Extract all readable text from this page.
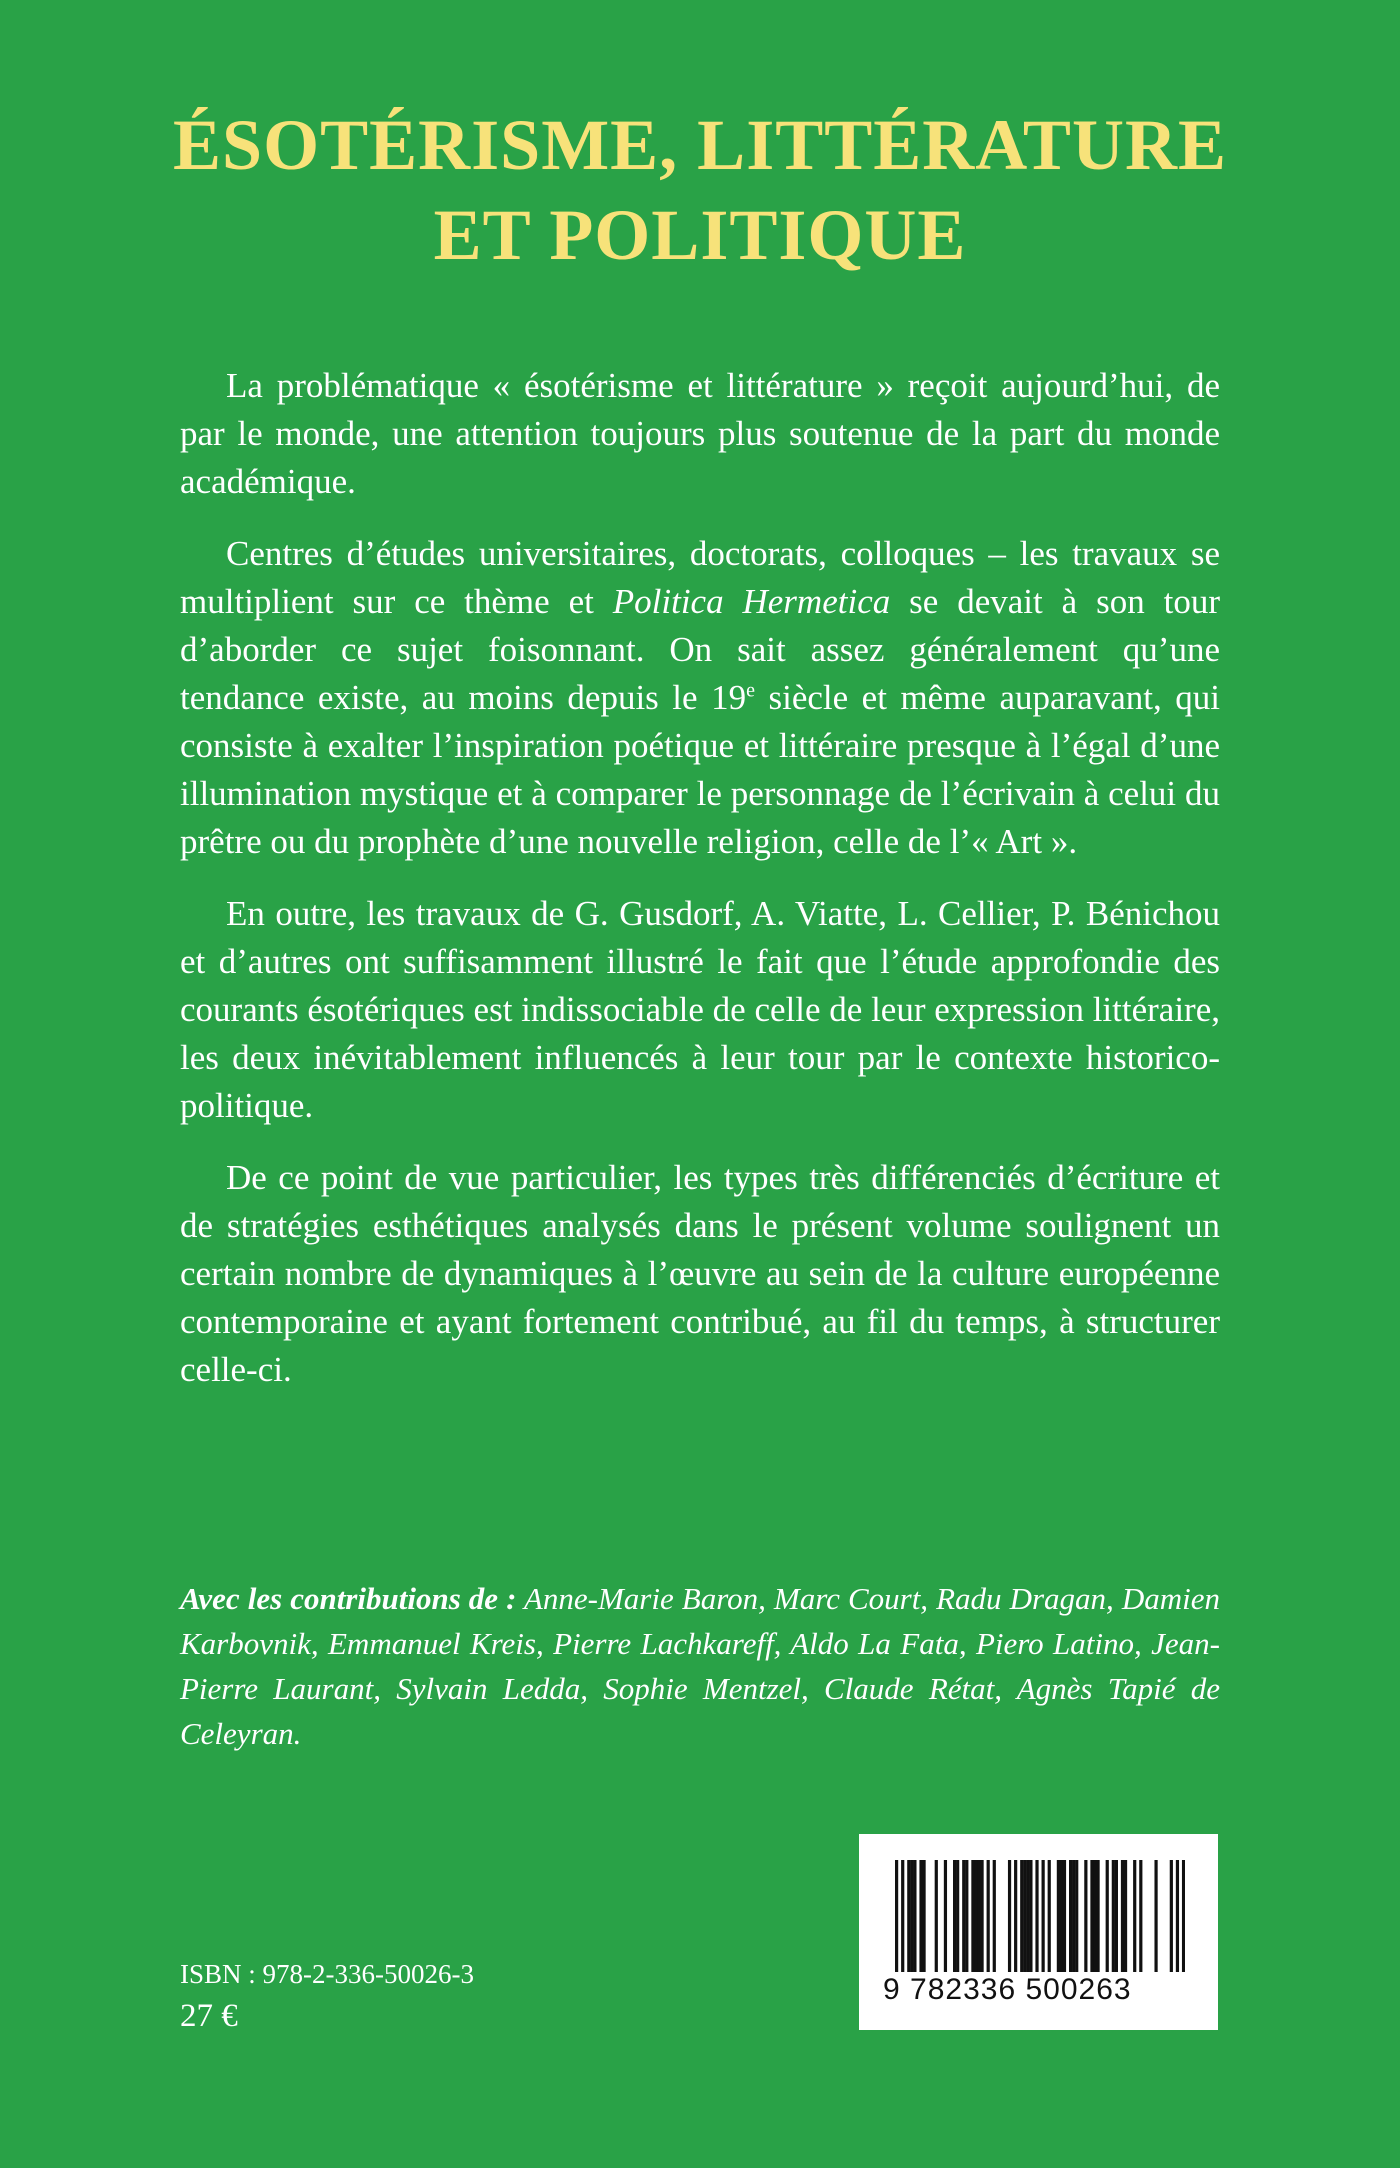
ÉSOTÉRISME, LITTÉRATURE
ET POLITIQUE

La problématique « ésotérisme et littérature » reçoit aujourd’hui, de par le monde, une attention toujours plus soutenue de la part du monde académique.

Centres d’études universitaires, doctorats, colloques – les travaux se multiplient sur ce thème et Politica Hermetica se devait à son tour d’aborder ce sujet foisonnant. On sait assez généralement qu’une tendance existe, au moins depuis le 19e siècle et même auparavant, qui consiste à exalter l’inspiration poétique et littéraire presque à l’égal d’une illumination mystique et à comparer le personnage de l’écrivain à celui du prêtre ou du prophète d’une nouvelle religion, celle de l’« Art ».

En outre, les travaux de G. Gusdorf, A. Viatte, L. Cellier, P. Bénichou et d’autres ont suffisamment illustré le fait que l’étude approfondie des courants ésotériques est indissociable de celle de leur expression littéraire, les deux inévitablement influencés à leur tour par le contexte historico-politique.

De ce point de vue particulier, les types très différenciés d’écriture et de stratégies esthétiques analysés dans le présent volume soulignent un certain nombre de dynamiques à l’œuvre au sein de la culture européenne contemporaine et ayant fortement contribué, au fil du temps, à structurer celle-ci.

Avec les contributions de : Anne-Marie Baron, Marc Court, Radu Dragan, Damien Karbovnik, Emmanuel Kreis, Pierre Lachkareff, Aldo La Fata, Piero Latino, Jean-Pierre Laurant, Sylvain Ledda, Sophie Mentzel, Claude Rétat, Agnès Tapié de Celeyran.
ISBN : 978-2-336-50026-3
27 €
9 782336 500263
